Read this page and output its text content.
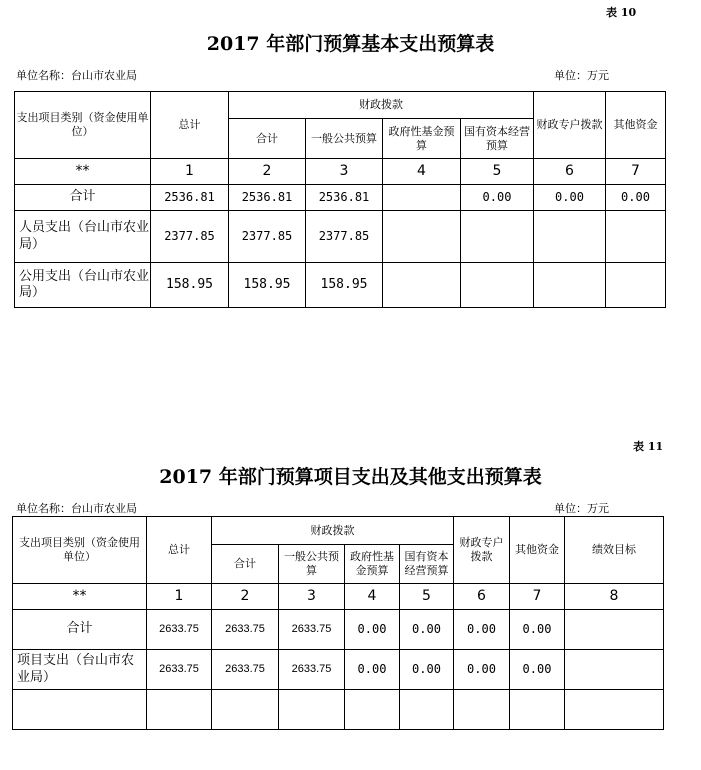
表 10
2017 年部门预算基本支出预算表
单位名称：台山市农业局	单位：万元
支出项目类别（资金使用单位）	总计	财政拨款				财政专户拨款	其他资金
		合计	一般公共预算	政府性基金预算	国有资本经营预算		
**	1	2	3	4	5	6	7
合计	2536.81	2536.81	2536.81		0.00	0.00	0.00
人员支出（台山市农业局）	2377.85	2377.85	2377.85				
公用支出（台山市农业局）	158.95	158.95	158.95				
表 11
2017 年部门预算项目支出及其他支出预算表
单位名称：台山市农业局	单位：万元
支出项目类别（资金使用单位）	总计	财政拨款				财政专户拨款	其他资金	绩效目标
		合计	一般公共预算	政府性基金预算	国有资本经营预算			
**	1	2	3	4	5	6	7	8
合计	2633.75	2633.75	2633.75	0.00	0.00	0.00	0.00	
项目支出（台山市农业局）	2633.75	2633.75	2633.75	0.00	0.00	0.00	0.00	
